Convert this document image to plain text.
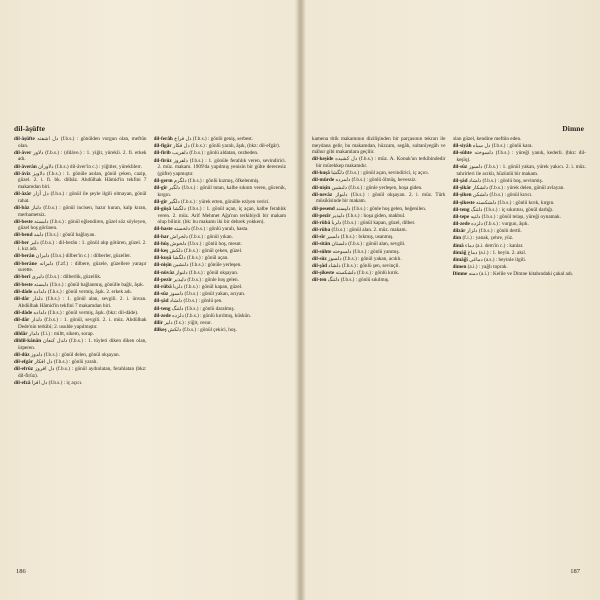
dil-âşüfte

dil-âşüfte دل آشفته (f.b.s.) : gönülden vurgun olan, meftûn olan.

dil-âver دلاور (f.b.s.) : (diláve.) : 1. yiğit, yürekli. 2. fi. erkek adı.

dil-âverân دلاوران (f.b.s.) dil-âver'in c.) : yiğitler, yüreklilerr.

dil-âvîz دلاويز (f.b.s.) : 1. gönüle asılan, gönül çeken, cazip, güzel. 2. i. fi. bk. dilbâz. Ahdülhak Hâmid'in tekfini 7 makamdan biri.

dil-âzâr دل آزار (f.b.s.) : gönül ile şeyle ilgili olmayan, gönül rahat.

dil-bâz دلباز (f.b.s.) : gönül incisen, hazır kuran, kalp kıran, merhametsiz.

dil-beste دلبسته (f.b.s.) : gönül eğlendiren, güzel söz söyleyen, güzel hoş görünen.

dil-bend دلبند (f.b.s.) : gönül bağlayan.

dil-ber دلبر (f.b.s.) : dil-berân : 1. gönül alıp götüren, güzel. 2. i. kız adı.

dil-berân دلبران (f.b.s.) dilber'in c.) : dilberler, güzeller.

dil-berâne دلبرانه (f.zf.) : dilbere, güzele, güzellere yaraşır surette.

dil-berî دلبرى (f.b.s.) : dilberlik, güzellik.

dil-beste دلبسته (f.b.s.) : gönül bağlanmış, gönülle bağlı, âşık.

dil-dâde دلداده (f.b.s.) : gönül vermiş, âşık. 2. erkek adı.

dil-dâr دلدار (f.b.s.) : 1. gönül alan, sevgili. 2. i. ünvan. Abdülhak Hâmid'in tekfini 7 makamdan biri.

dil-dâde دلداده (f.b.s.) : gönül vermiş, âşık. (bkz: dil-dâde).

dil-dâr دلدار (f.b.s.) : 1. gönül, sevgili. 2. i. müz. Abdülhak Dede'nin terkibi; 2. usulde yapılmıştır.

dildâr دلدار (f.i.) : miltt, sikem, sorap.

dildil-kânân دلدل كنعان (f.b.s.) : 1. tüyleri diken diken olan, ürperen.

dil-dûz دلدوز (f.b.s.) : gönül delen, gönül okşayan.

dil-efgâr دل افكار (f.b.s.) : gönlü yaralı.

dil-efrûz دل افروز (f.b.s.) : gönül aydınlatan, ferahlatan (bkz: dil-firûz).

dil-efzâ دل افزا (f.b.s.) : iç açıcı.

dil-ferâh دل فراخ (f.b.s.) : gönlü geniş, serbest.

dil-figâr دل فكار (f.b.s.) : gönlü yaralı, âşık, (bkz: dil-efgâr).

dil-firib دلفريب (f.b.s.) : gönlü aldatan, cezbeden.

dil-firûz دلفروز (f.b.s.) : 1. gönüle ferahlık veren, sevindirici. 2. müz. makam. 1909'da yapılmış yenisin bir gülte derecesiz (güfte) yapmıştır.

dil-germ دلگرم (f.b.s.) : gönlü kızmış, öfkelenmiş.

dil-gîr دلگير (f.b.s.) : gönül tutan, kalbe sıkıntı veren, gücenik, kırgın.

dil-gîr دلگير (f.b.s.) : yürek erten, gönülle ezlyen verici.

dil-güşâ دلگشا (f.b.s.) : 1. gönül açan, iç açan, kalbe ferahlık veren. 2. müz. Arif Mehmet Ağa'nın terkibiydi bir makam olup bilinir. (bk: bu makamı iki bir dehrek yokken).

dil-haste دلخسته (f.b.s.) : gönlü yaralı, hasta.

dil-har دلخراش (f.b.s.) : gönül yıkan.

dil-hûş دلخوش (f.b.s.) : gönlü hoş, mesut.

dil-keş دلكش (f.b.s.) : gönül çeken, güzel.

dil-kuşâ دلگشا (f.b.s.) : gönül açan.

dil-nişîn دلنشين (f.b.s.) : gönüle yerleşen.

dil-nüvâz دلنواز (f.b.s.) : gönül okşayan.

dil-pezîr دلپذير (f.b.s.) : gönle hoş gelen.

dil-rübâ دلربا (f.b.s.) : gönül kapan, güzel.

dil-sûz دلسوز (f.b.s.) : gönül yakan, acıyan.

dil-şâd دلشاد (f.b.s.) : gönlü şen.

dil-teng دلتنگ (f.b.s.) : gönlü daralmış.

dil-zede دلزده (f.b.s.) : gönlü kırılmış, küskün.

dilîr دلير (f.s.) : yiğit, cesur.

dilkeş دلكش (f.b.s.) : gönül çekici, hoş.

186
Dimne

kamena titik makamının dizilişinden bir parçasının tekrarı ile meydana gelir, bu makamdan, hüzzam, segâh, sultanîyegâh ve mâhur gibi makamlara geçilir.

dil-keşîde دل كشيده (f.b.s.) : müz. A. Konuk'un terkibindedir bir mürekkep makamdır.

dil-kuşâ دلگشا (f.b.s.) : gönül açan, sevindirici, iç açıcı.

dil-mürde دلمرده (f.b.s.) : gönlü ölmüş, hevessiz.

dil-nişîn دلنشين (f.b.s.) : gönle yerleşen, hoşa giden.

dil-nevâz دلنواز (f.b.s.) : gönül okşayan. 2. i. müz. Türk mûsikîsinde bir makam.

dil-pesend دلپسند (f.b.s.) : gönle hoş gelen, beğenilen.

dil-pezîr دلپذير (f.b.s.) : hoşa giden, makbul.

dil-rübâ دلربا (f.b.s.) : gönül kapan, güzel, dilber.

dil-rüba (f.b.s.) : gönül alan. 2. müz. makam.

dil-sîr دلسير (f.b.s.) : bıkmış, usanmış.

dil-sitân دلستان (f.b.s.) : gönül alan, sevgili.

dil-sûhte دلسوخته (f.b.s.) : gönlü yanmış.

dil-sûz دلسوز (f.b.s.) : gönül yakan, acıklı.

dil-şâd دلشاد (f.b.s.) : gönlü şen, sevinçli.

dil-şikeste دلشكسته (f.b.s.) : gönlü kırık.

dil-ten دلتنگ (f.b.s.) : gönlü sıkılmış.

olan güzel, kendine meftûn eden.

dil-siyâh دل سياه (f.b.s.) : gönlü kara.

dil-sûhte دلسوخته (f.b.s.) : yüreği yanık, kederli. (bkz: dil-keşîq).

dil-sûz دلسوز (f.b.s.) : 1. gönül yakan, yürek yakıcı. 2. i. müz. tahrirleri ile acıklı, hüzünlü bir makam.

dil-şâd دلشاد (f.b.s.) : gönlü hoş, sevinmiş.

dil-şikâr دلشكار (f.b.s.) : yürek delen, gönül avlayan.

dil-şiken دلشكن (f.b.s.) : gönül kırıcı.

dil-şikeste دلشكسته (f.b.s.) : gönlü kırık, kırgın.

dil-teng دلتنگ (f.b.s.) : iç sıkıntısı, gönül darlığı.

dil-tepe دلتپه (f.b.s.) : gönül telaşı, yüreği oynamak.

dil-zede دلزده (f.b.s.) : vurgun, âşık.

dilzâr دلزار (f.b.s.) : gönlü dertli.

dim (f.i.) : yanak, çehre, yüz.

dimâ دماء (a.i. dem'in c.) : kanlar.

dimâğ دماغ (a.i.) : 1. beyin. 2. akıl.

dimâğî دماغى (a.s.) : beyinle ilgili.

dimen (a.i.) : yağlı toprak.

Dimne دمنه (a.i.) : Kelile ve Dimne kitabındaki çakal adı.

187
